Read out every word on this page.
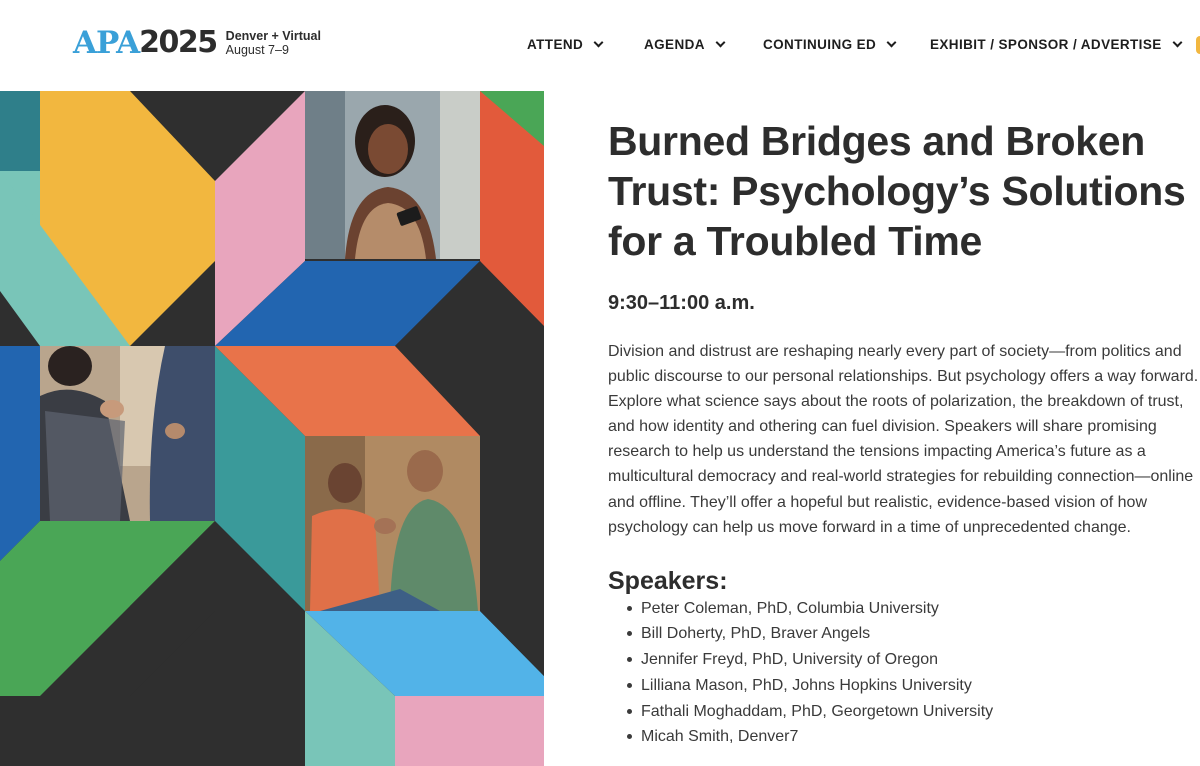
APA 2025 Denver + Virtual
August 7–9	ATTEND	AGENDA	CONTINUING ED	EXHIBIT / SPONSOR / ADVERTISE
Burned Bridges and Broken Trust: Psychology’s Solutions for a Troubled Time
9:30–11:00 a.m.

Division and distrust are reshaping nearly every part of society—from politics and public discourse to our personal relationships. But psychology offers a way forward. Explore what science says about the roots of polarization, the breakdown of trust, and how identity and othering can fuel division. Speakers will share promising research to help us understand the tensions impacting America’s future as a multicultural democracy and real-world strategies for rebuilding connection—online and offline. They’ll offer a hopeful but realistic, evidence-based vision of how psychology can help us move forward in a time of unprecedented change.

Speakers:
Peter Coleman, PhD, Columbia University
Bill Doherty, PhD, Braver Angels
Jennifer Freyd, PhD, University of Oregon
Lilliana Mason, PhD, Johns Hopkins University
Fathali Moghaddam, PhD, Georgetown University
Micah Smith, Denver7
